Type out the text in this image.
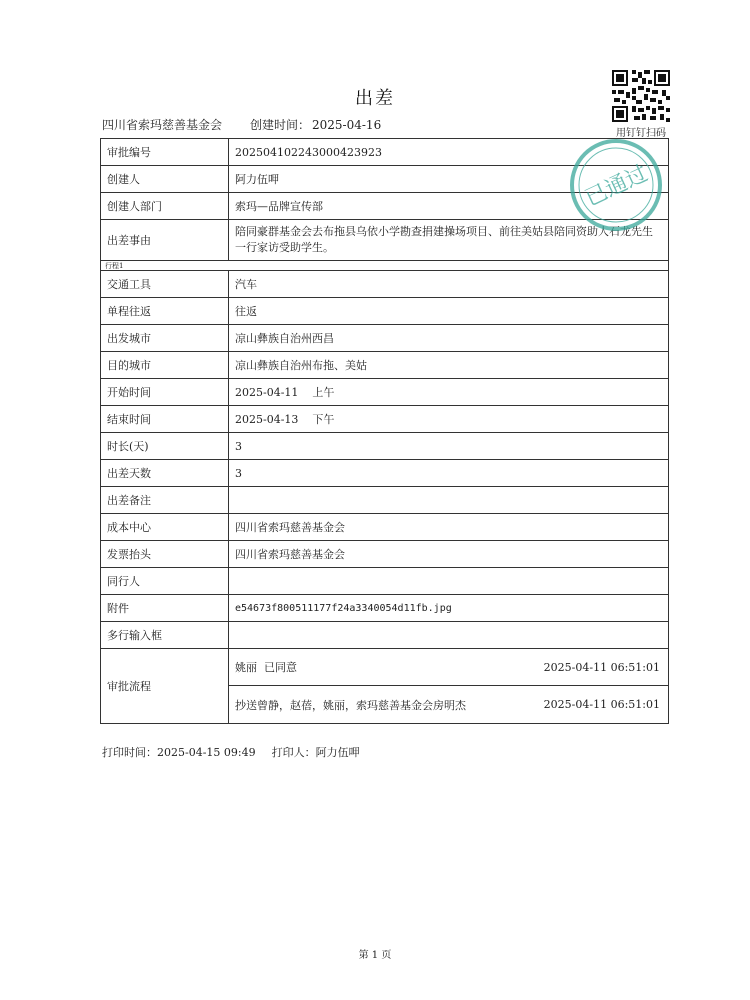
出差
四川省索玛慈善基金会 创建时间： 2025-04-16
用钉钉扫码
审批编号	202504102243000423923
创建人	阿力伍呷
创建人部门	索玛—品牌宣传部
出差事由	陪同豪群基金会去布拖县乌依小学勘查捐建操场项目、前往美姑县陪同资助人石龙先生一行家访受助学生。
行程1	
交通工具	汽车
单程往返	往返
出发城市	凉山彝族自治州西昌
目的城市	凉山彝族自治州布拖、美姑
开始时间	2025-04-11    上午
结束时间	2025-04-13    下午
时长(天)	3
出差天数	3
出差备注	
成本中心	四川省索玛慈善基金会
发票抬头	四川省索玛慈善基金会
同行人	
附件	e54673f800511177f24a3340054d11fb.jpg
多行输入框	
审批流程	姚丽  已同意 2025-04-11 06:51:01
抄送曾静，赵蓓，姚丽，索玛慈善基金会房明杰 2025-04-11 06:51:01
已通过
打印时间：2025-04-15 09:49 打印人：阿力伍呷
第 1 页
